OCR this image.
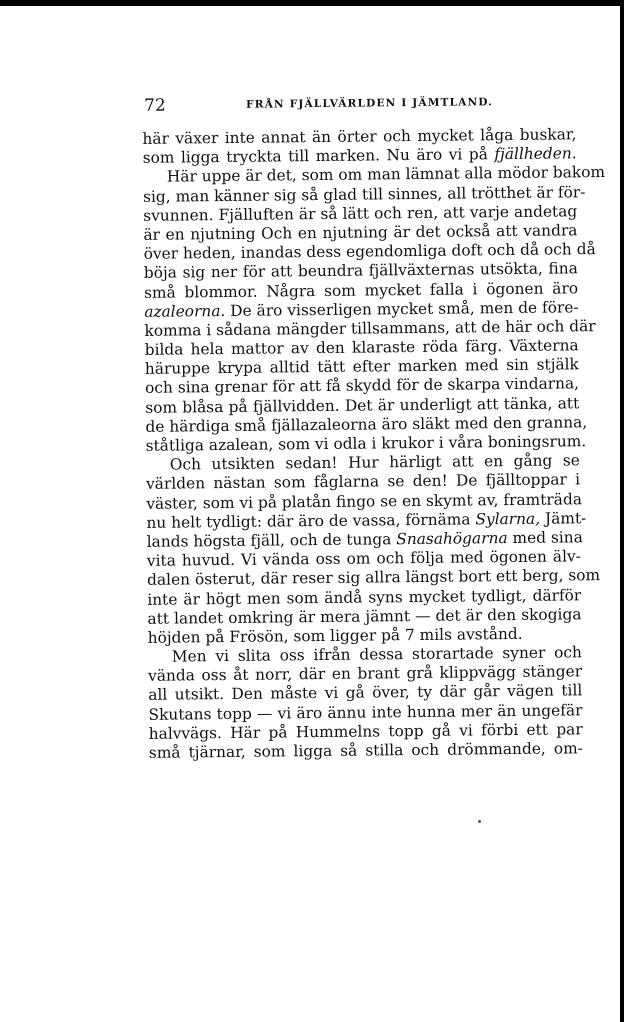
72	FRÅN FJÄLLVÄRLDEN I JÄMTLAND.
här växer inte annat än örter och mycket låga buskar,
som ligga tryckta till marken. Nu äro vi på fjällheden.
Här uppe är det, som om man lämnat alla mödor bakom
sig, man känner sig så glad till sinnes, all trötthet är för-
svunnen. Fjälluften är så lätt och ren, att varje andetag
är en njutning Och en njutning är det också att vandra
över heden, inandas dess egendomliga doft och då och då
böja sig ner för att beundra fjällväxternas utsökta, fina
små blommor. Några som mycket falla i ögonen äro
azaleorna. De äro visserligen mycket små, men de före-
komma i sådana mängder tillsammans, att de här och där
bilda hela mattor av den klaraste röda färg. Växterna
häruppe krypa alltid tätt efter marken med sin stjälk
och sina grenar för att få skydd för de skarpa vindarna,
som blåsa på fjällvidden. Det är underligt att tänka, att
de härdiga små fjällazaleorna äro släkt med den granna,
ståtliga azalean, som vi odla i krukor i våra boningsrum.
Och utsikten sedan! Hur härligt att en gång se
världen nästan som fåglarna se den! De fjälltoppar i
väster, som vi på platån fingo se en skymt av, framträda
nu helt tydligt: där äro de vassa, förnäma Sylarna, Jämt-
lands högsta fjäll, och de tunga Snasahögarna med sina
vita huvud. Vi vända oss om och följa med ögonen älv-
dalen österut, där reser sig allra längst bort ett berg, som
inte är högt men som ändå syns mycket tydligt, därför
att landet omkring är mera jämnt — det är den skogiga
höjden på Frösön, som ligger på 7 mils avstånd.
Men vi slita oss ifrån dessa storartade syner och
vända oss åt norr, där en brant grå klippvägg stänger
all utsikt. Den måste vi gå över, ty där går vägen till
Skutans topp — vi äro ännu inte hunna mer än ungefär
halvvägs. Här på Hummelns topp gå vi förbi ett par
små tjärnar, som ligga så stilla och drömmande, om-
